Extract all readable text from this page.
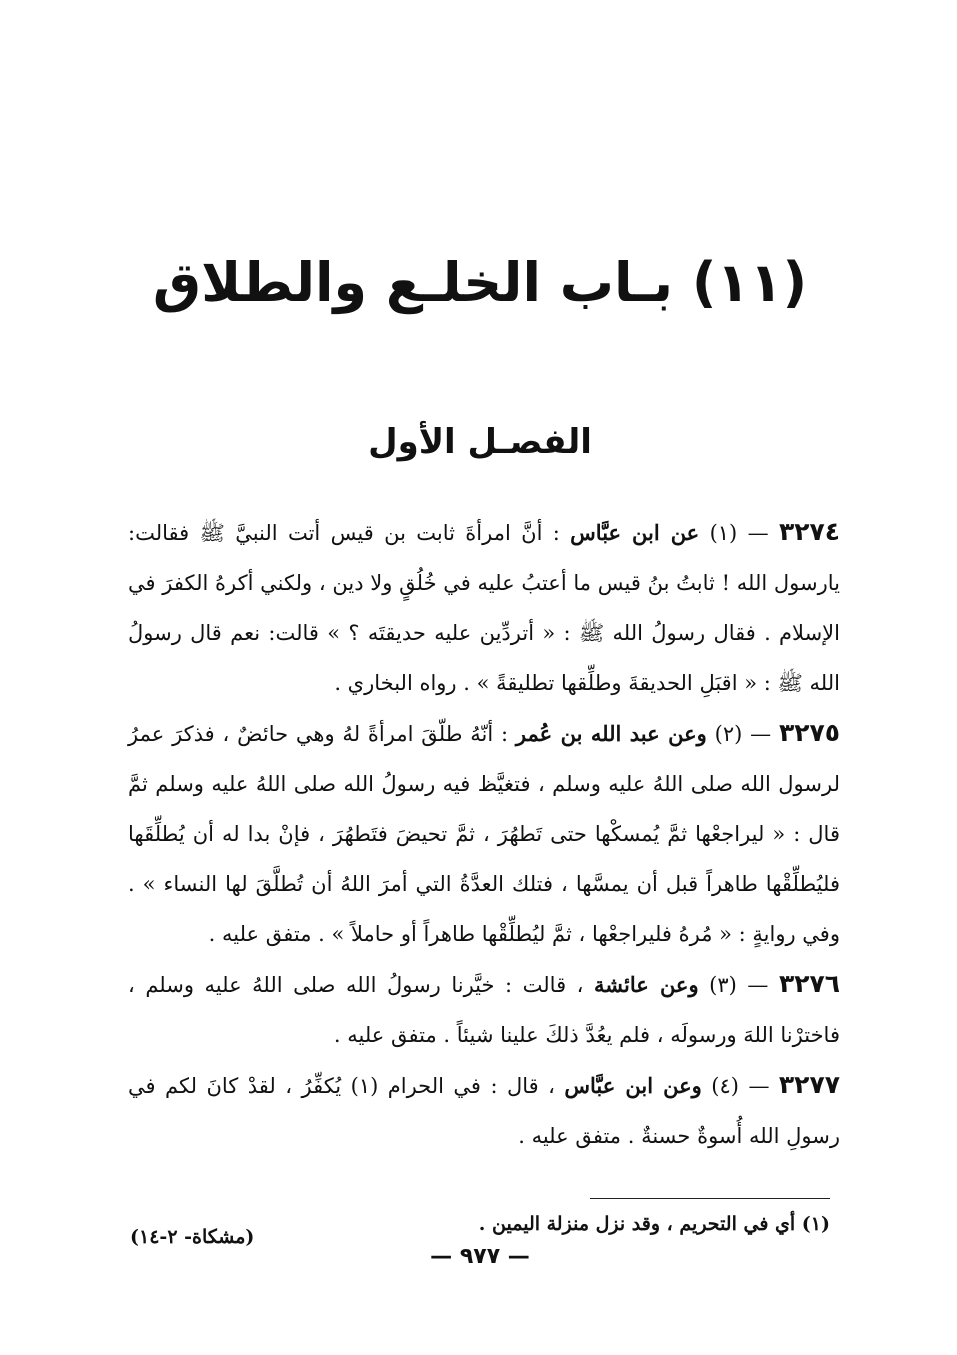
(١١) بـاب الخلـع والطلاق
الفصـل الأول

٣٢٧٤ — (١) عن ابن عبَّاس : أنَّ امرأةَ ثابت بن قيس أتت النبيَّ ﷺ فقالت: يارسول الله ! ثابتُ بنُ قيس ما أعتبُ عليه في خُلُقٍ ولا دين ، ولكني أكرهُ الكفرَ في الإسلام . فقال رسولُ الله ﷺ : « أتردِّين عليه حديقتَه ؟ » قالت: نعم قال رسولُ الله ﷺ : « اقبَلِ الحديقةَ وطلِّقها تطليقةً » . رواه البخاري .

٣٢٧٥ — (٢) وعن عبد الله بن عُمر : أنّهُ طلّقَ امرأةً لهُ وهي حائضٌ ، فذكرَ عمرُ لرسول الله صلى اللهُ عليه وسلم ، فتغيَّظ فيه رسولُ الله صلى اللهُ عليه وسلم ثمَّ قال : « ليراجعْها ثمَّ يُمسكْها حتى تَطهُرَ ، ثمَّ تحيضَ فتَطهُرَ ، فإنْ بدا له أن يُطلِّقَها فليُطلِّقْها طاهراً قبل أن يمسَّها ، فتلك العدَّةُ التي أمرَ اللهُ أن تُطلَّقَ لها النساء » . وفي روايةٍ : « مُرهُ فليراجعْها ، ثمَّ ليُطلِّقْها طاهراً أو حاملاً » . متفق عليه .

٣٢٧٦ — (٣) وعن عائشة ، قالت : خيَّرنا رسولُ الله صلى اللهُ عليه وسلم ، فاخترْنا اللهَ ورسولَه ، فلم يعُدَّ ذلكَ علينا شيئاً . متفق عليه .

٣٢٧٧ — (٤) وعن ابن عبَّاس ، قال : في الحرام (١) يُكفِّرُ ، لقدْ كانَ لكم في رسولِ الله أُسوةٌ حسنةٌ . متفق عليه .

(١) أي في التحريم ، وقد نزل منزلة اليمين .
(مشكاة- ٢-١٤)
— ٩٧٧ —
